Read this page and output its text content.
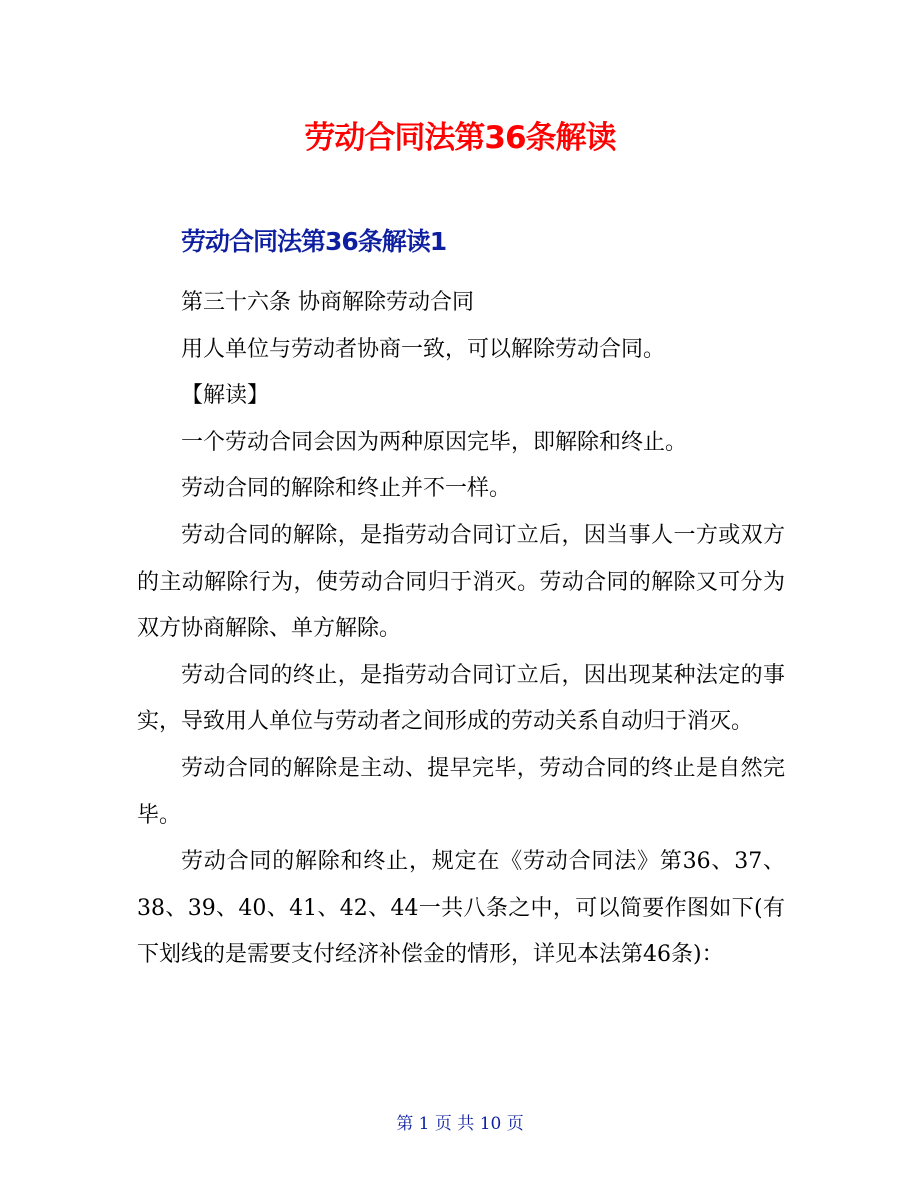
劳动合同法第36条解读
劳动合同法第36条解读1

第三十六条 协商解除劳动合同

用人单位与劳动者协商一致，可以解除劳动合同。

【解读】

一个劳动合同会因为两种原因完毕，即解除和终止。

劳动合同的解除和终止并不一样。

劳动合同的解除，是指劳动合同订立后，因当事人一方或双方的主动解除行为，使劳动合同归于消灭。劳动合同的解除又可分为双方协商解除、单方解除。

劳动合同的终止，是指劳动合同订立后，因出现某种法定的事实，导致用人单位与劳动者之间形成的劳动关系自动归于消灭。

劳动合同的解除是主动、提早完毕，劳动合同的终止是自然完毕。

劳动合同的解除和终止，规定在《劳动合同法》第36、37、38、39、40、41、42、44一共八条之中，可以简要作图如下(有下划线的是需要支付经济补偿金的情形，详见本法第46条)：

第 1 页 共 10 页
